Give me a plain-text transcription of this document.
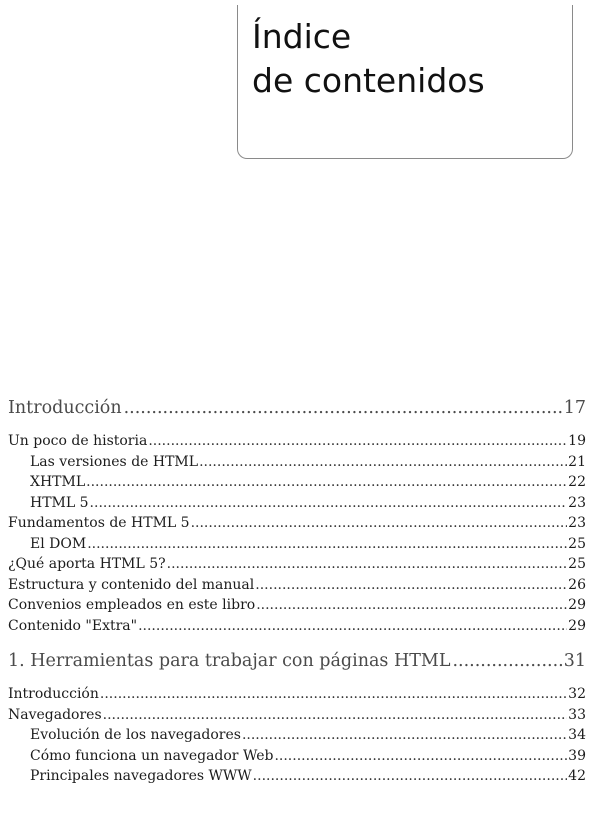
Índice
de contenidos
Introducción .....	17
Un poco de historia .....	19
Las versiones de HTML .....	21
XHTML .....	22
HTML 5 .....	23
Fundamentos de HTML 5 .....	23
El DOM .....	25
¿Qué aporta HTML 5? .....	25
Estructura y contenido del manual .....	26
Convenios empleados en este libro .....	29
Contenido "Extra" .....	29
1. Herramientas para trabajar con páginas HTML .....	31
Introducción .....	32
Navegadores .....	33
Evolución de los navegadores .....	34
Cómo funciona un navegador Web .....	39
Principales navegadores WWW .....	42
